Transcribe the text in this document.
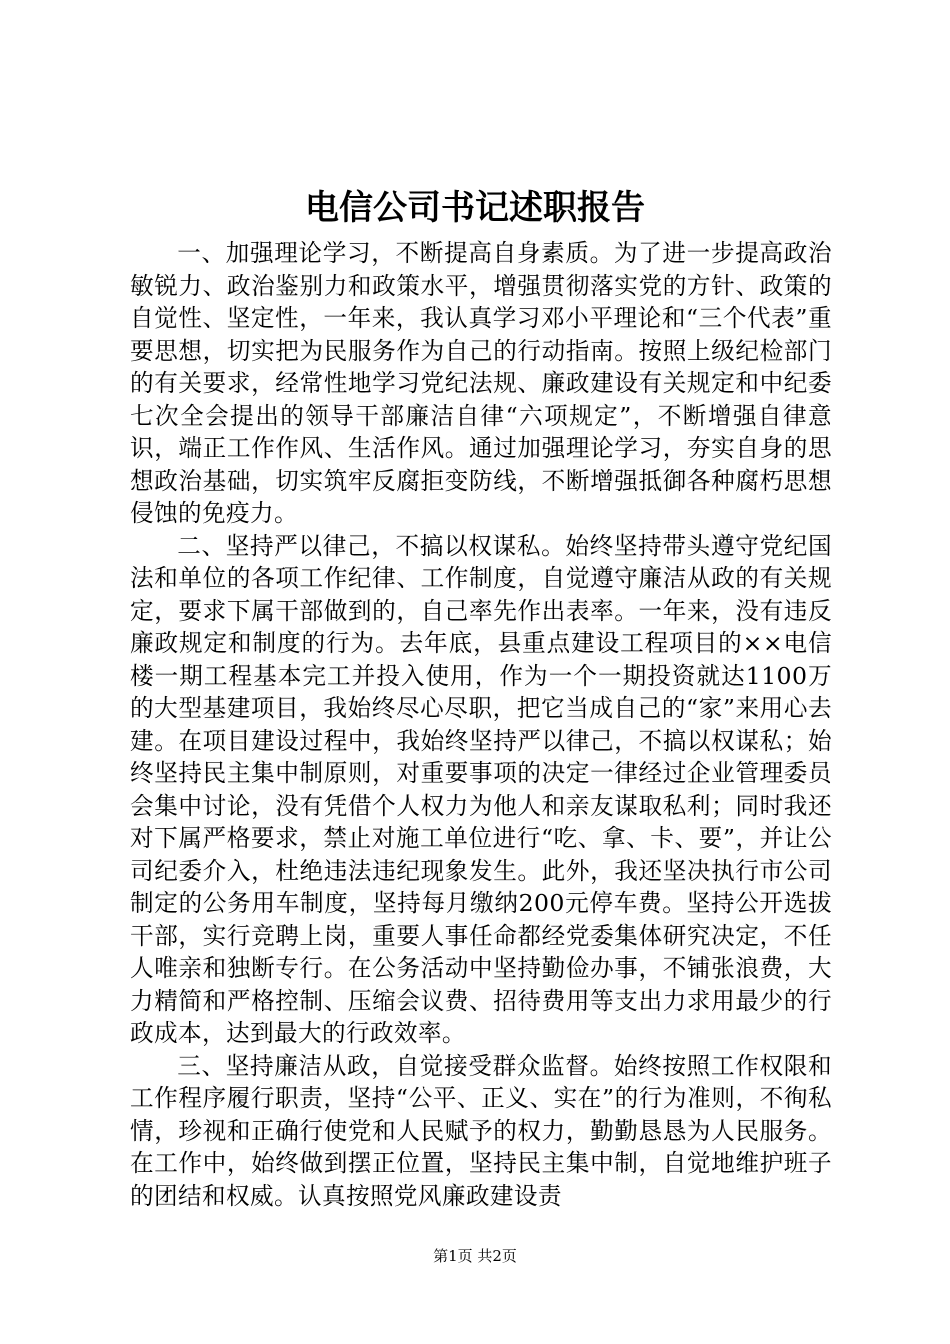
电信公司书记述职报告

一、加强理论学习，不断提高自身素质。为了进一步提高政治敏锐力、政治鉴别力和政策水平，增强贯彻落实党的方针、政策的自觉性、坚定性，一年来，我认真学习邓小平理论和“三个代表”重要思想，切实把为民服务作为自己的行动指南。按照上级纪检部门的有关要求，经常性地学习党纪法规、廉政建设有关规定和中纪委七次全会提出的领导干部廉洁自律“六项规定”，不断增强自律意识，端正工作作风、生活作风。通过加强理论学习，夯实自身的思想政治基础，切实筑牢反腐拒变防线，不断增强抵御各种腐朽思想侵蚀的免疫力。

二、坚持严以律己，不搞以权谋私。始终坚持带头遵守党纪国法和单位的各项工作纪律、工作制度，自觉遵守廉洁从政的有关规定，要求下属干部做到的，自己率先作出表率。一年来，没有违反廉政规定和制度的行为。去年底，县重点建设工程项目的××电信楼一期工程基本完工并投入使用，作为一个一期投资就达1100万的大型基建项目，我始终尽心尽职，把它当成自己的“家”来用心去建。在项目建设过程中，我始终坚持严以律己，不搞以权谋私；始终坚持民主集中制原则，对重要事项的决定一律经过企业管理委员会集中讨论，没有凭借个人权力为他人和亲友谋取私利；同时我还对下属严格要求，禁止对施工单位进行“吃、拿、卡、要”，并让公司纪委介入，杜绝违法违纪现象发生。此外，我还坚决执行市公司制定的公务用车制度，坚持每月缴纳200元停车费。坚持公开选拔干部，实行竞聘上岗，重要人事任命都经党委集体研究决定，不任人唯亲和独断专行。在公务活动中坚持勤俭办事，不铺张浪费，大力精简和严格控制、压缩会议费、招待费用等支出力求用最少的行政成本，达到最大的行政效率。

三、坚持廉洁从政，自觉接受群众监督。始终按照工作权限和工作程序履行职责，坚持“公平、正义、实在”的行为准则，不徇私情，珍视和正确行使党和人民赋予的权力，勤勤恳恳为人民服务。在工作中，始终做到摆正位置，坚持民主集中制，自觉地维护班子的团结和权威。认真按照党风廉政建设责

第1页 共2页
